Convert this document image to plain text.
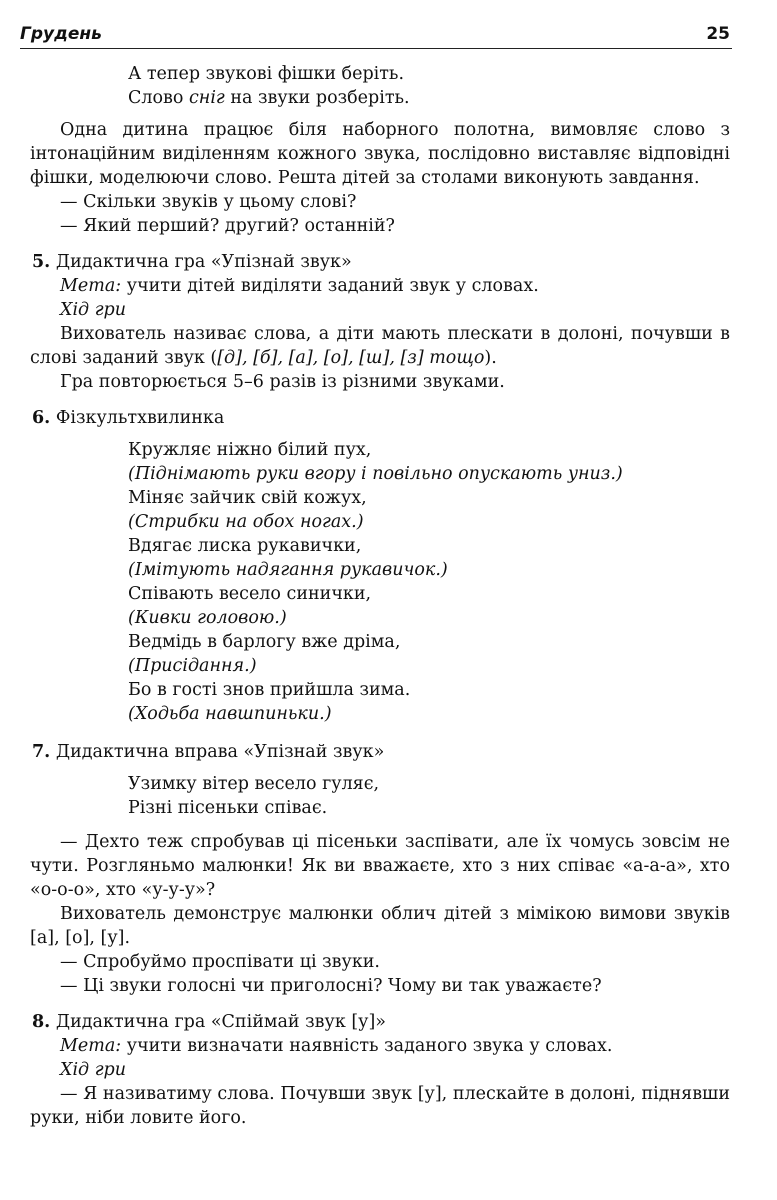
Грудень	25
А тепер звукові фішки беріть.
Слово сніг на звуки розберіть.

Одна дитина працює біля наборного полотна, вимовляє слово з інтонаційним виділенням кожного звука, послідовно виставляє відповідні фішки, моделюючи слово. Решта дітей за столами виконують завдання.

— Скільки звуків у цьому слові?

— Який перший? другий? останній?

5. Дидактична гра «Упізнай звук»

Мета: учити дітей виділяти заданий звук у словах.

Хід гри

Вихователь називає слова, а діти мають плескати в долоні, почувши в слові заданий звук ([д], [б], [а], [о], [ш], [з] тощо).

Гра повторюється 5–6 разів із різними звуками.

6. Фізкультхвилинка

Кружляє ніжно білий пух,
(Піднімають руки вгору і повільно опускають униз.)
Міняє зайчик свій кожух,
(Стрибки на обох ногах.)
Вдягає лиска рукавички,
(Імітують надягання рукавичок.)
Співають весело синички,
(Кивки головою.)
Ведмідь в барлогу вже дріма,
(Присідання.)
Бо в гості знов прийшла зима.
(Ходьба навшпиньки.)

7. Дидактична вправа «Упізнай звук»

Узимку вітер весело гуляє,
Різні пісеньки співає.

— Дехто теж спробував ці пісеньки заспівати, але їх чомусь зовсім не чути. Розгляньмо малюнки! Як ви вважаєте, хто з них співає «а-а-а», хто «о-о-о», хто «у-у-у»?

Вихователь демонструє малюнки облич дітей з мімікою вимови звуків [а], [о], [у].

— Спробуймо проспівати ці звуки.

— Ці звуки голосні чи приголосні? Чому ви так уважаєте?

8. Дидактична гра «Спіймай звук [у]»

Мета: учити визначати наявність заданого звука у словах.

Хід гри

— Я називатиму слова. Почувши звук [у], плескайте в долоні, піднявши руки, ніби ловите його.
